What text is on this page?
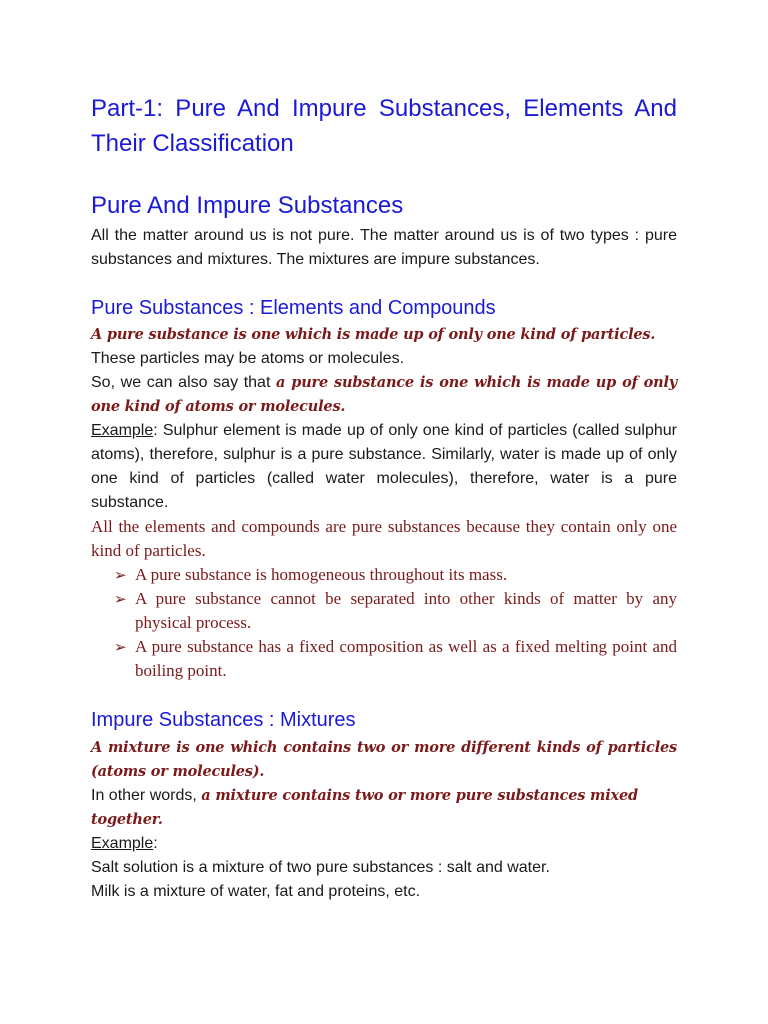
Part-1: Pure And Impure Substances, Elements And Their Classification
Pure And Impure Substances

All the matter around us is not pure. The matter around us is of two types : pure substances and mixtures. The mixtures are impure substances.

Pure Substances : Elements and Compounds

A pure substance is one which is made up of only one kind of particles.

These particles may be atoms or molecules.

So, we can also say that a pure substance is one which is made up of only one kind of atoms or molecules.

Example: Sulphur element is made up of only one kind of particles (called sulphur atoms), therefore, sulphur is a pure substance. Similarly, water is made up of only one kind of particles (called water molecules), therefore, water is a pure substance.

All the elements and compounds are pure substances because they contain only one kind of particles.

➢ A pure substance is homogeneous throughout its mass.
➢ A pure substance cannot be separated into other kinds of matter by any physical process.
➢ A pure substance has a fixed composition as well as a fixed melting point and boiling point.
Impure Substances : Mixtures

A mixture is one which contains two or more different kinds of particles (atoms or molecules).

In other words, a mixture contains two or more pure substances mixed together.

Example:

Salt solution is a mixture of two pure substances : salt and water.

Milk is a mixture of water, fat and proteins, etc.
